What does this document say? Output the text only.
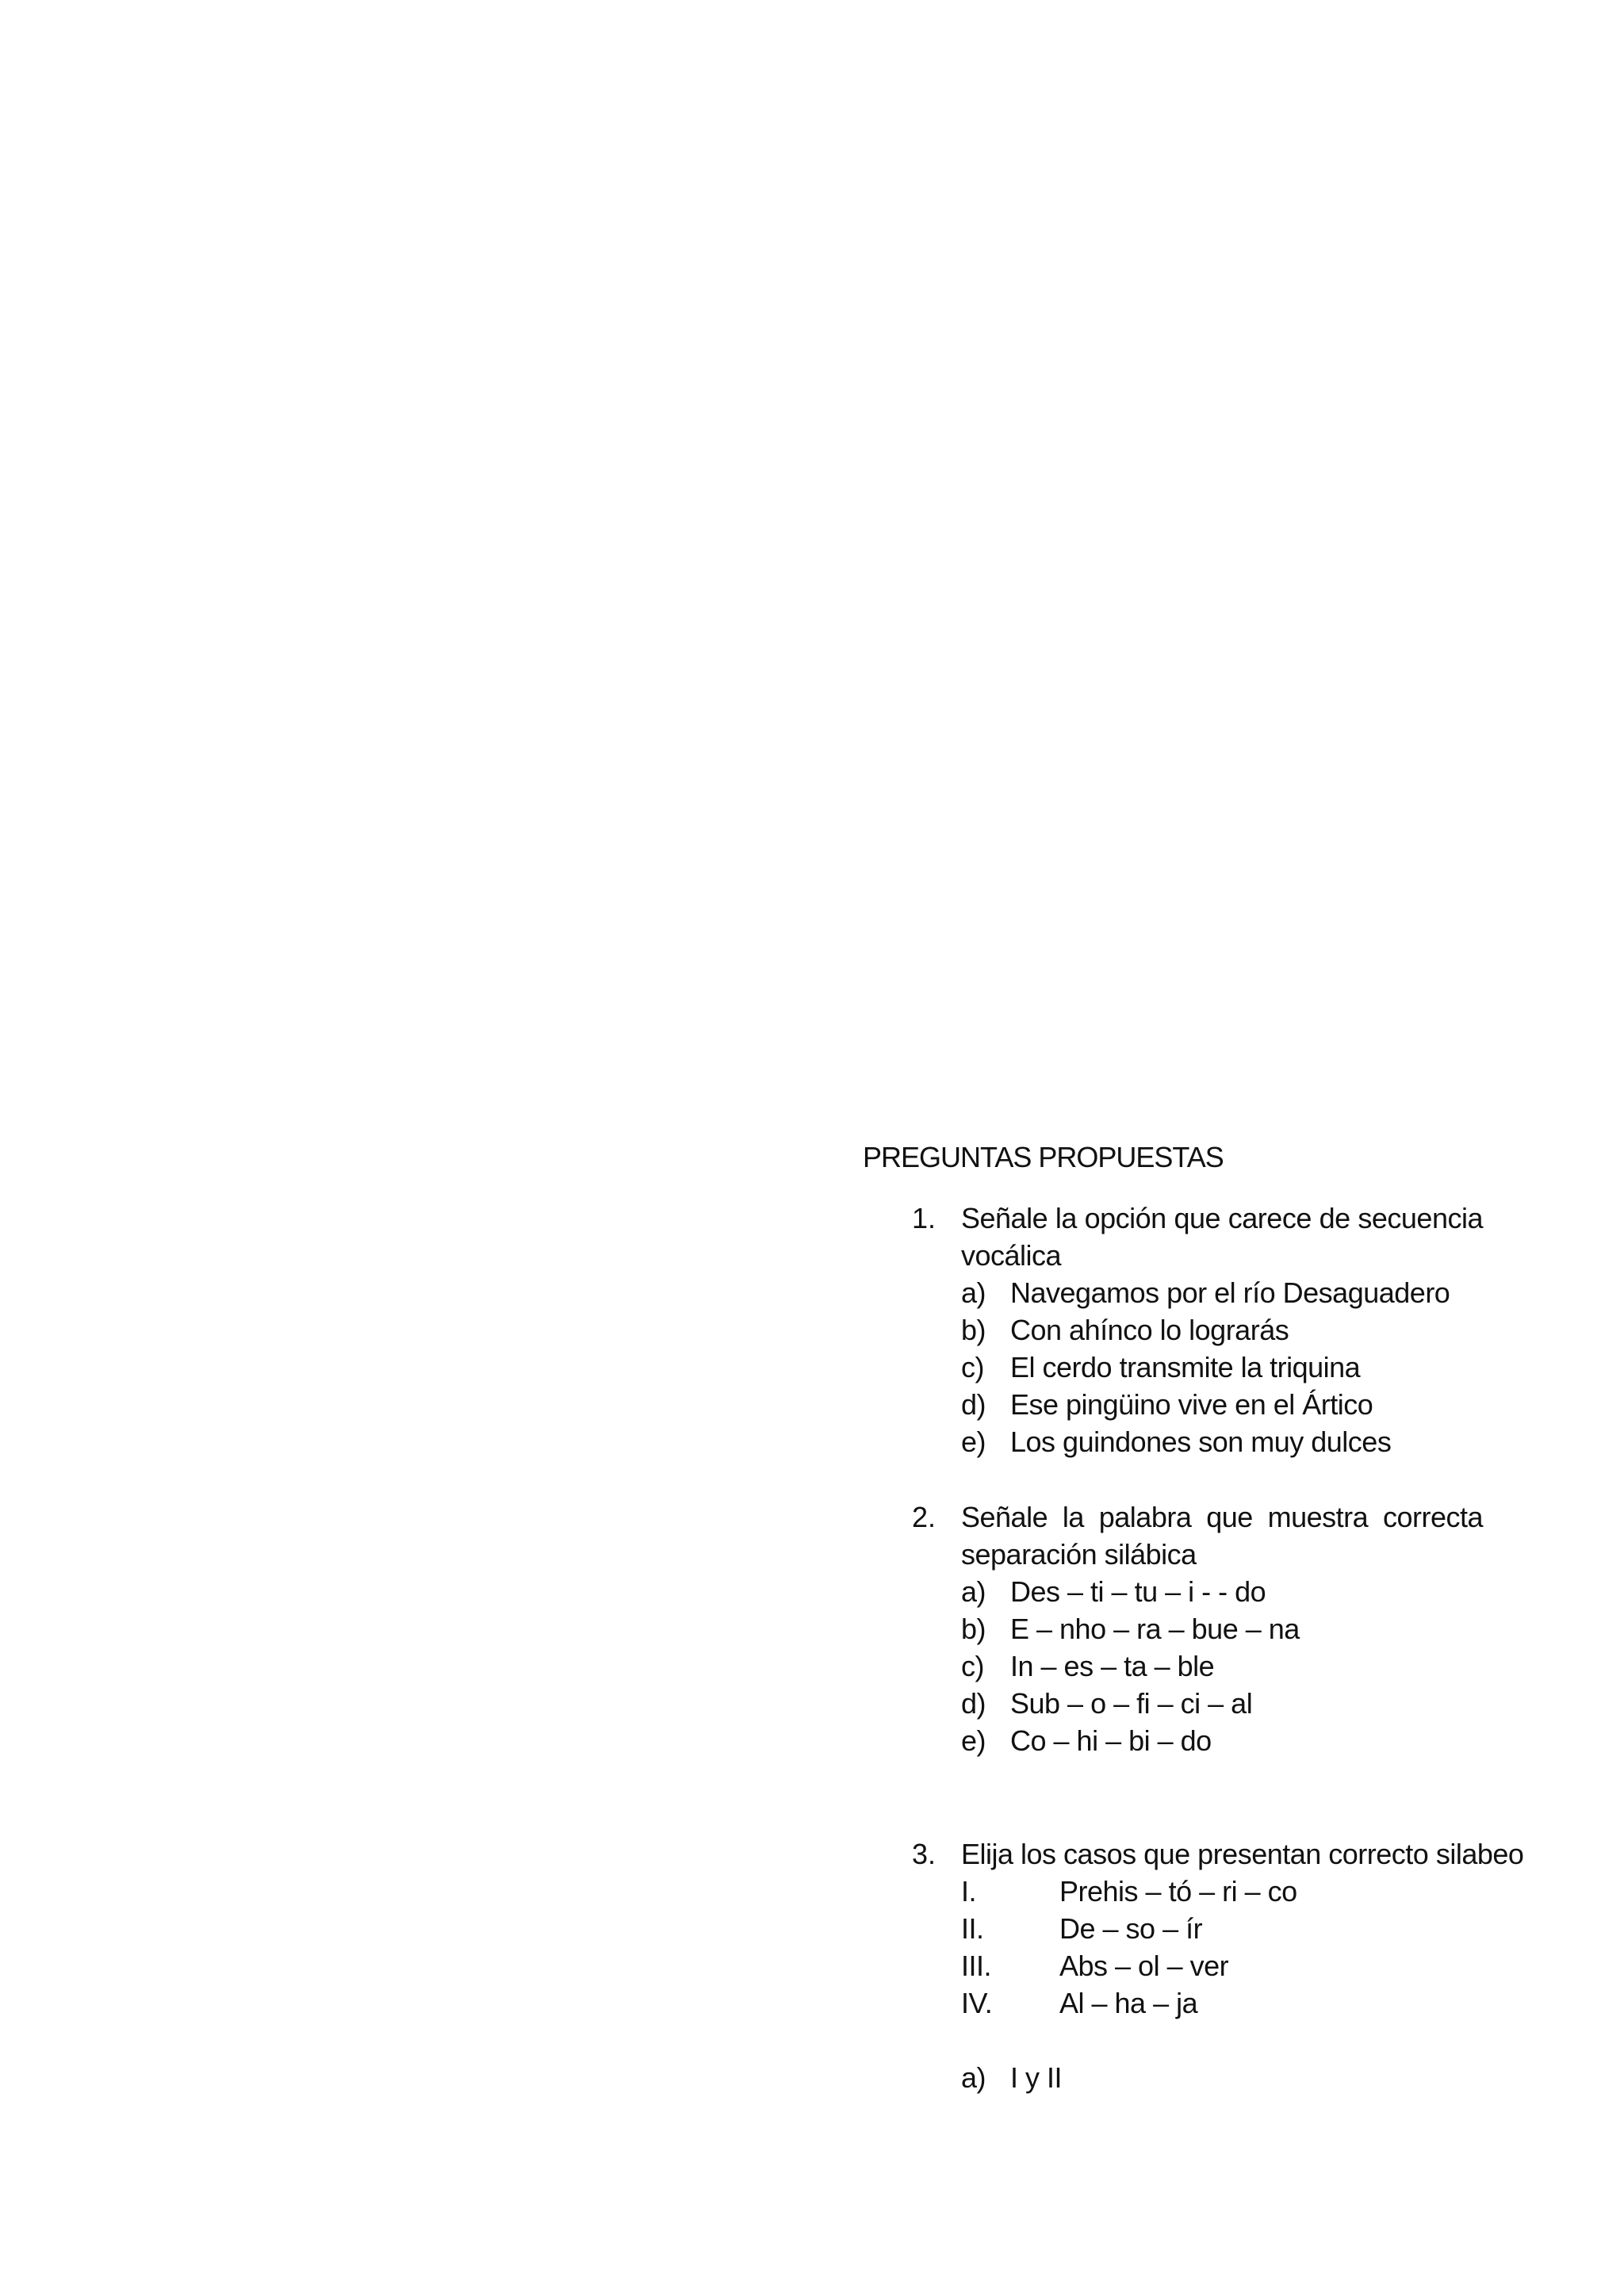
PREGUNTAS PROPUESTAS
1. Señale la opción que carece de secuencia vocálica
a) Navegamos por el río Desaguadero
b) Con ahínco lo lograrás
c) El cerdo transmite la triquina
d) Ese pingüino vive en el Ártico
e) Los guindones son muy dulces
2. Señale la palabra que muestra correcta separación silábica
a) Des – ti – tu – i - - do
b) E – nho – ra – bue – na
c) In – es – ta – ble
d) Sub – o – fi – ci – al
e) Co – hi – bi – do
3. Elija los casos que presentan correcto silabeo
I.	Prehis – tó – ri – co
II.	De – so – ír
III. Abs – ol – ver
IV. Al – ha – ja
a) I y II
